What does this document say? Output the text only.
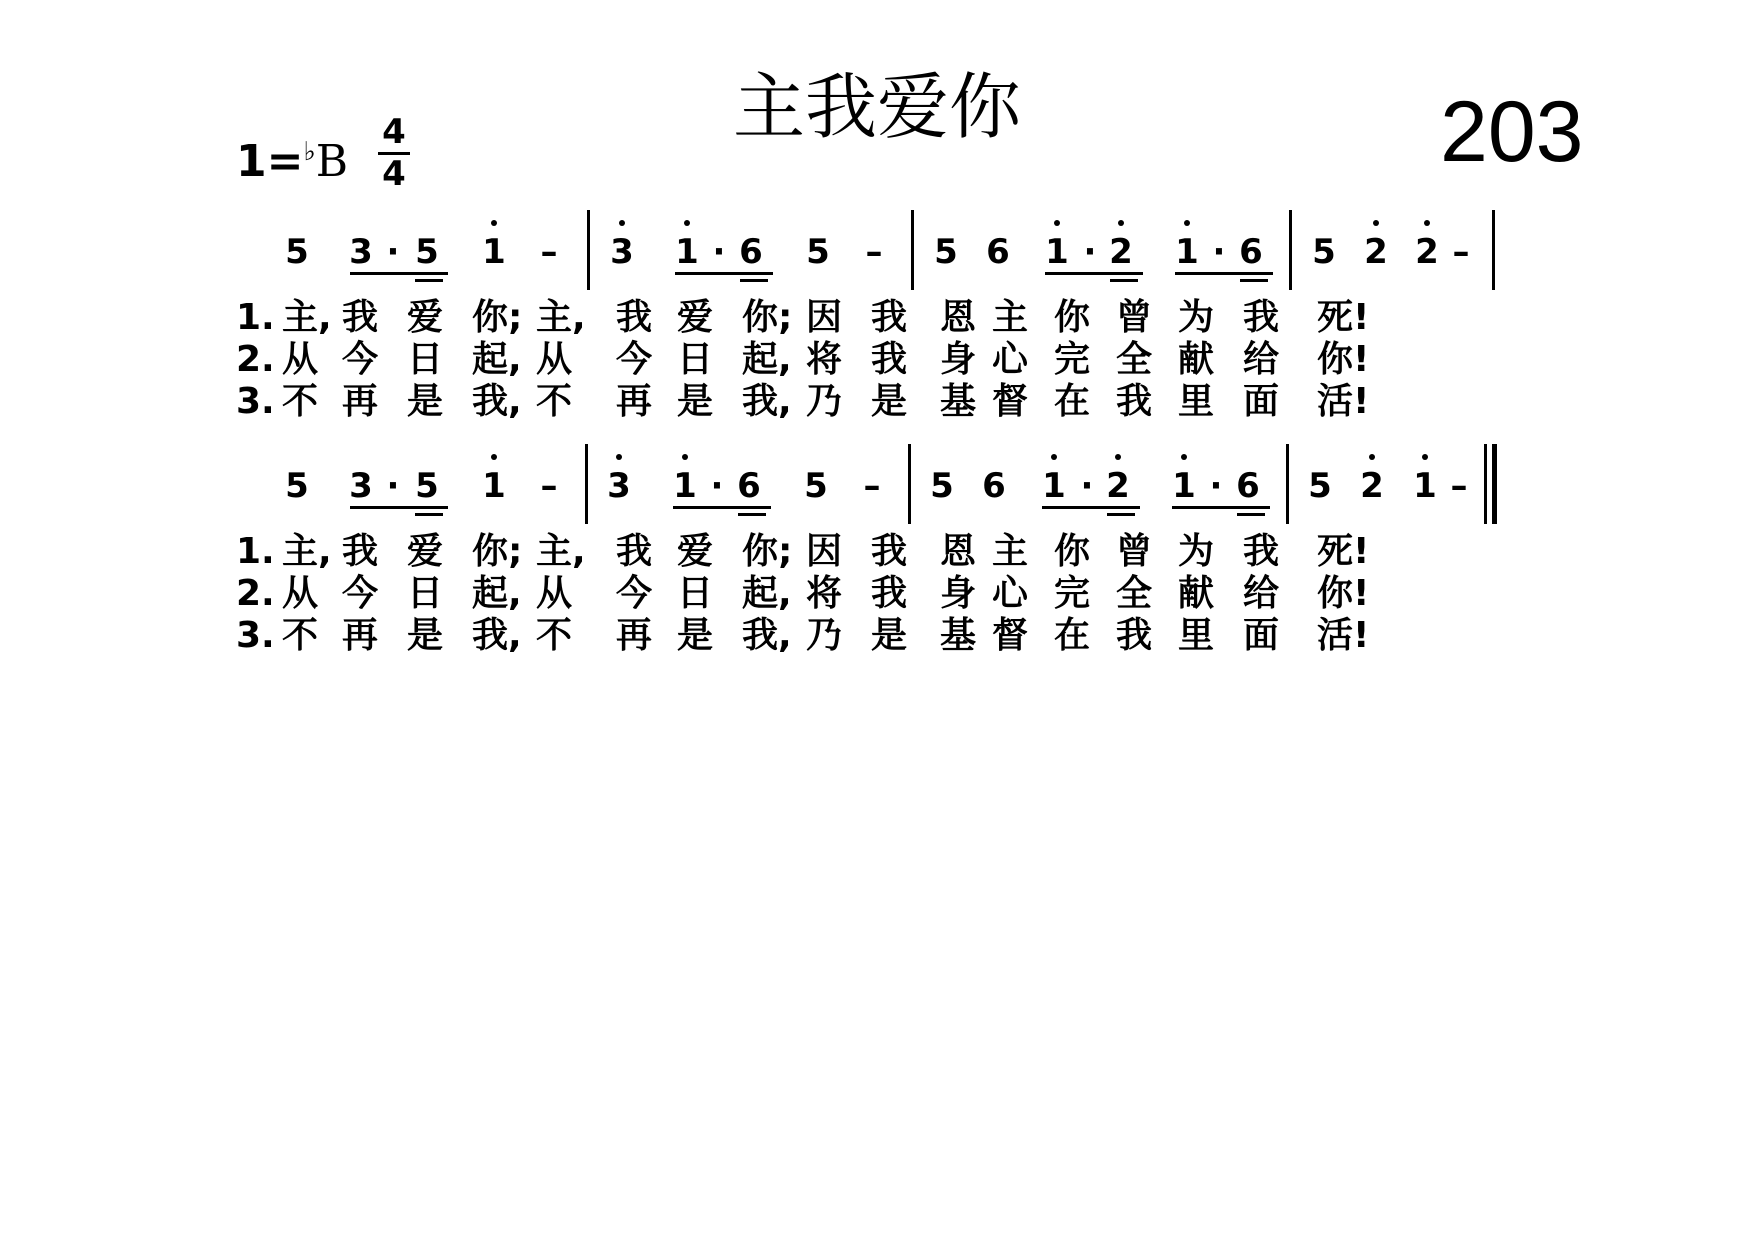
主我爱你	203
1=♭B
4
4
5 3 · 5 1	–	3 1 · 6 5	–	5 6 1 · 2 1 · 6 5 2 2 –
1. 主, 我 爱 你; 主, 我 爱 你; 因 我 恩 主 你 曾 为 我 死!
2. 从 今 日 起, 从 今 日 起, 将 我 身 心 完 全 献 给 你!
3. 不 再 是 我, 不 再 是 我, 乃 是 基 督 在 我 里 面 活!
5 3 · 5 1	–	3 1 · 6 5	–	5 6 1 · 2 1 · 6 5 2 1 –
1. 主, 我 爱 你; 主, 我 爱 你; 因 我 恩 主 你 曾 为 我 死!
2. 从 今 日 起, 从 今 日 起, 将 我 身 心 完 全 献 给 你!
3. 不 再 是 我, 不 再 是 我, 乃 是 基 督 在 我 里 面 活!
